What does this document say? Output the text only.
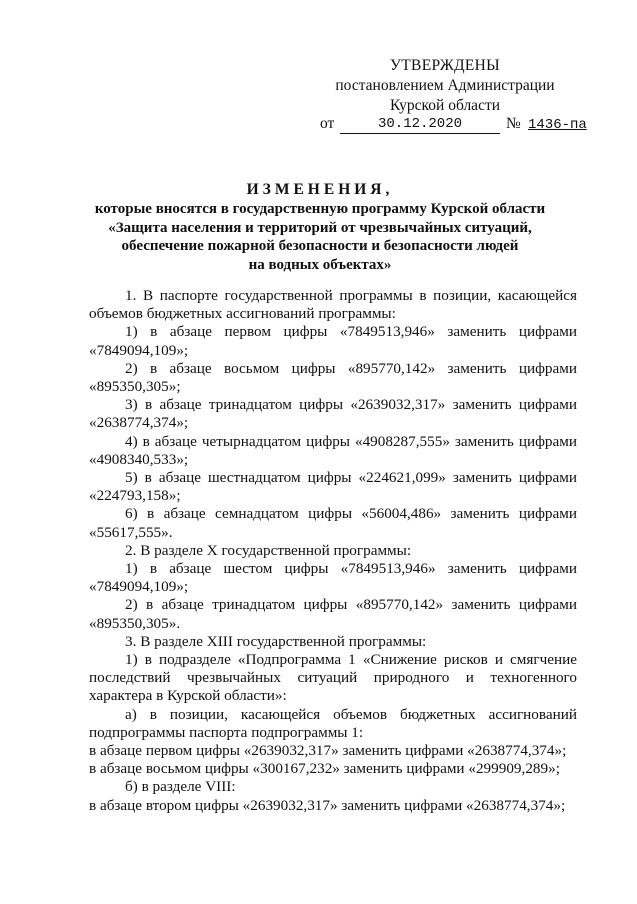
УТВЕРЖДЕНЫ
постановлением Администрации
Курской области
от	30.12.2020	№ 1436-па
ИЗМЕНЕНИЯ,
которые вносятся в государственную программу Курской области
«Защита населения и территорий от чрезвычайных ситуаций,
обеспечение пожарной безопасности и безопасности людей
на водных объектах»

1. В паспорте государственной программы в позиции, касающейся объемов бюджетных ассигнований программы:

1) в абзаце первом цифры «7849513,946» заменить цифрами «7849094,109»;

2) в абзаце восьмом цифры «895770,142» заменить цифрами «895350,305»;

3) в абзаце тринадцатом цифры «2639032,317» заменить цифрами «2638774,374»;

4) в абзаце четырнадцатом цифры «4908287,555» заменить цифрами «4908340,533»;

5) в абзаце шестнадцатом цифры «224621,099» заменить цифрами «224793,158»;

6) в абзаце семнадцатом цифры «56004,486» заменить цифрами «55617,555».

2. В разделе X государственной программы:

1) в абзаце шестом цифры «7849513,946» заменить цифрами «7849094,109»;

2) в абзаце тринадцатом цифры «895770,142» заменить цифрами «895350,305».

3. В разделе XIII государственной программы:

1) в подразделе «Подпрограмма 1 «Снижение рисков и смягчение последствий чрезвычайных ситуаций природного и техногенного характера в Курской области»:

а) в позиции, касающейся объемов бюджетных ассигнований подпрограммы паспорта подпрограммы 1:

в абзаце первом цифры «2639032,317» заменить цифрами «2638774,374»;

в абзаце восьмом цифры «300167,232» заменить цифрами «299909,289»;

б) в разделе VIII:

в абзаце втором цифры «2639032,317» заменить цифрами «2638774,374»;
